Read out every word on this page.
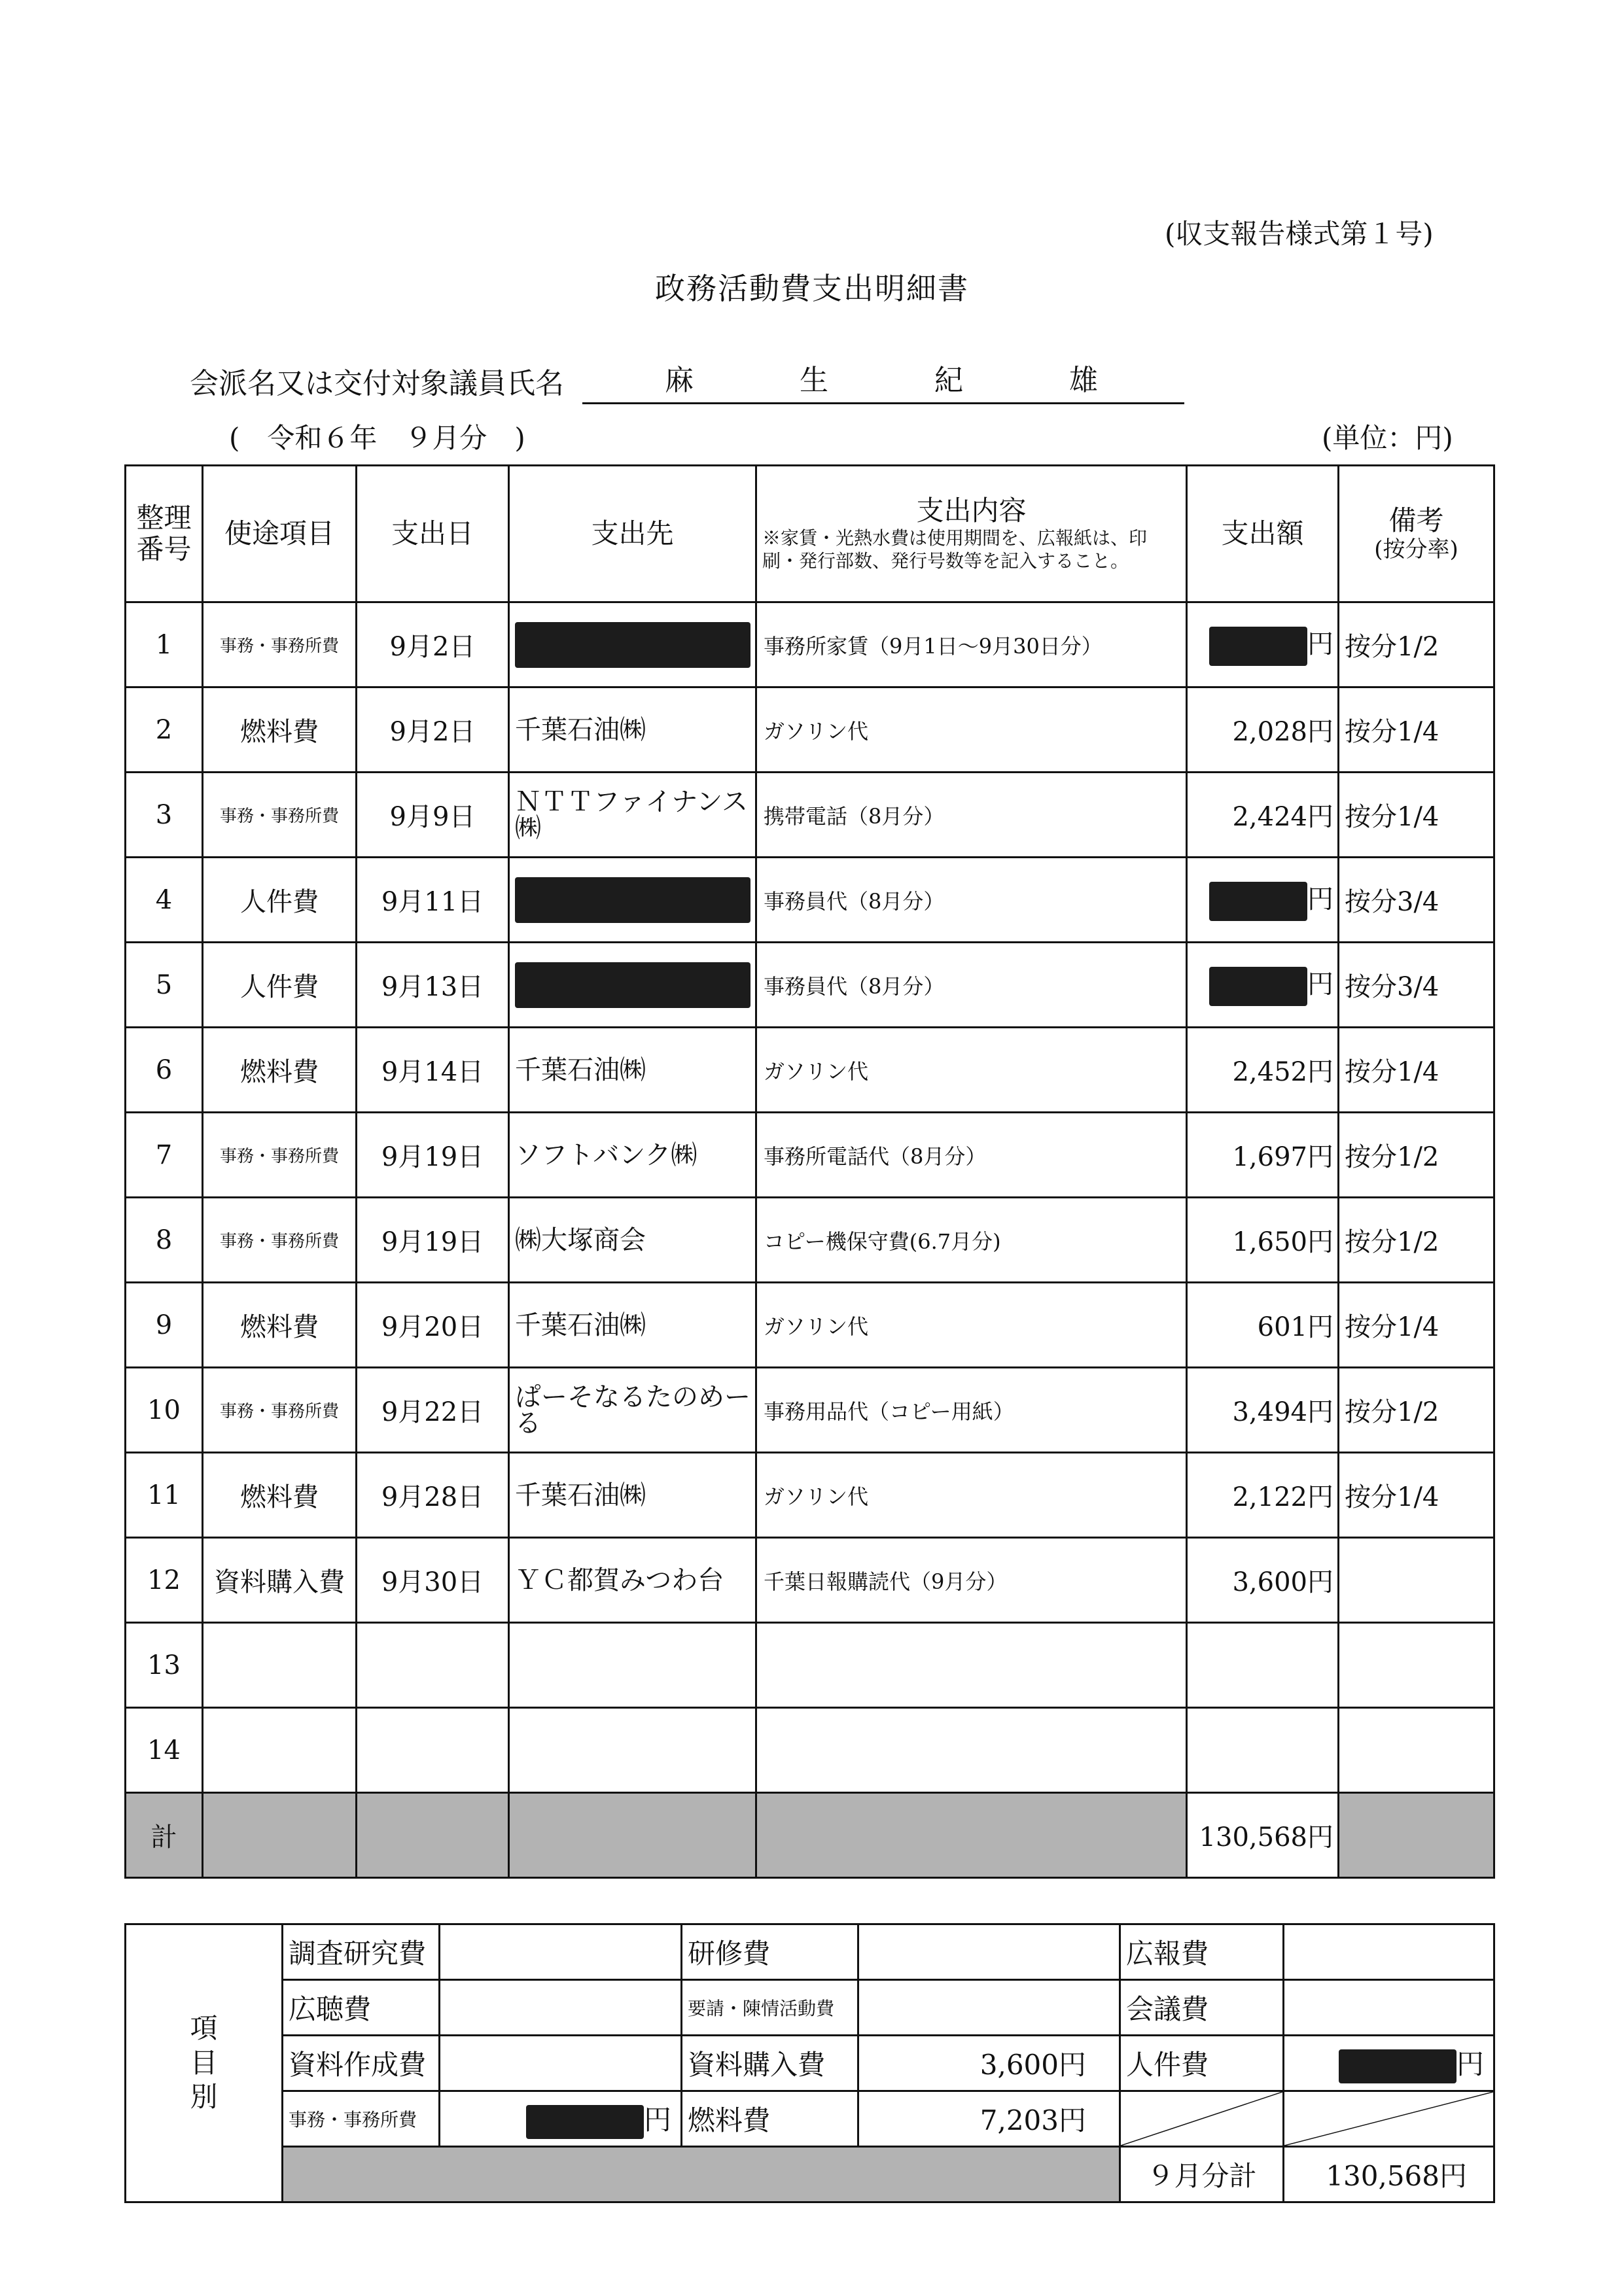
(収支報告様式第１号)
政務活動費支出明細書
会派名又は交付対象議員氏名	麻	生	紀	雄
(　令和６年　９月分　)	(単位：円)
整理番号	使途項目	支出日	支出先	支出内容
※家賃・光熱水費は使用期間を、広報紙は、印刷・発行部数、発行号数等を記入すること。	支出額	備考
(按分率)

1	事務・事務所費	9月2日		事務所家賃（9月1日〜9月30日分）	円	按分1/2
2	燃料費	9月2日	千葉石油㈱	ガソリン代	2,028円	按分1/4
3	事務・事務所費	9月9日	ＮＴＴファイナンス㈱	携帯電話（8月分）	2,424円	按分1/4
4	人件費	9月11日		事務員代（8月分）	円	按分3/4
5	人件費	9月13日		事務員代（8月分）	円	按分3/4
6	燃料費	9月14日	千葉石油㈱	ガソリン代	2,452円	按分1/4
7	事務・事務所費	9月19日	ソフトバンク㈱	事務所電話代（8月分）	1,697円	按分1/2
8	事務・事務所費	9月19日	㈱大塚商会	コピー機保守費(6.7月分)	1,650円	按分1/2
9	燃料費	9月20日	千葉石油㈱	ガソリン代	601円	按分1/4
10	事務・事務所費	9月22日	ぱーそなるたのめーる	事務用品代（コピー用紙）	3,494円	按分1/2
11	燃料費	9月28日	千葉石油㈱	ガソリン代	2,122円	按分1/4
12	資料購入費	9月30日	ＹＣ都賀みつわ台	千葉日報購読代（9月分）	3,600円	
13						
14						
計					130,568円	
項目別	調査研究費		研修費		広報費	
	広聴費		要請・陳情活動費		会議費	
	資料作成費		資料購入費	3,600円	人件費	円
	事務・事務所費	円	燃料費	7,203円	

					９月分計	130,568円
